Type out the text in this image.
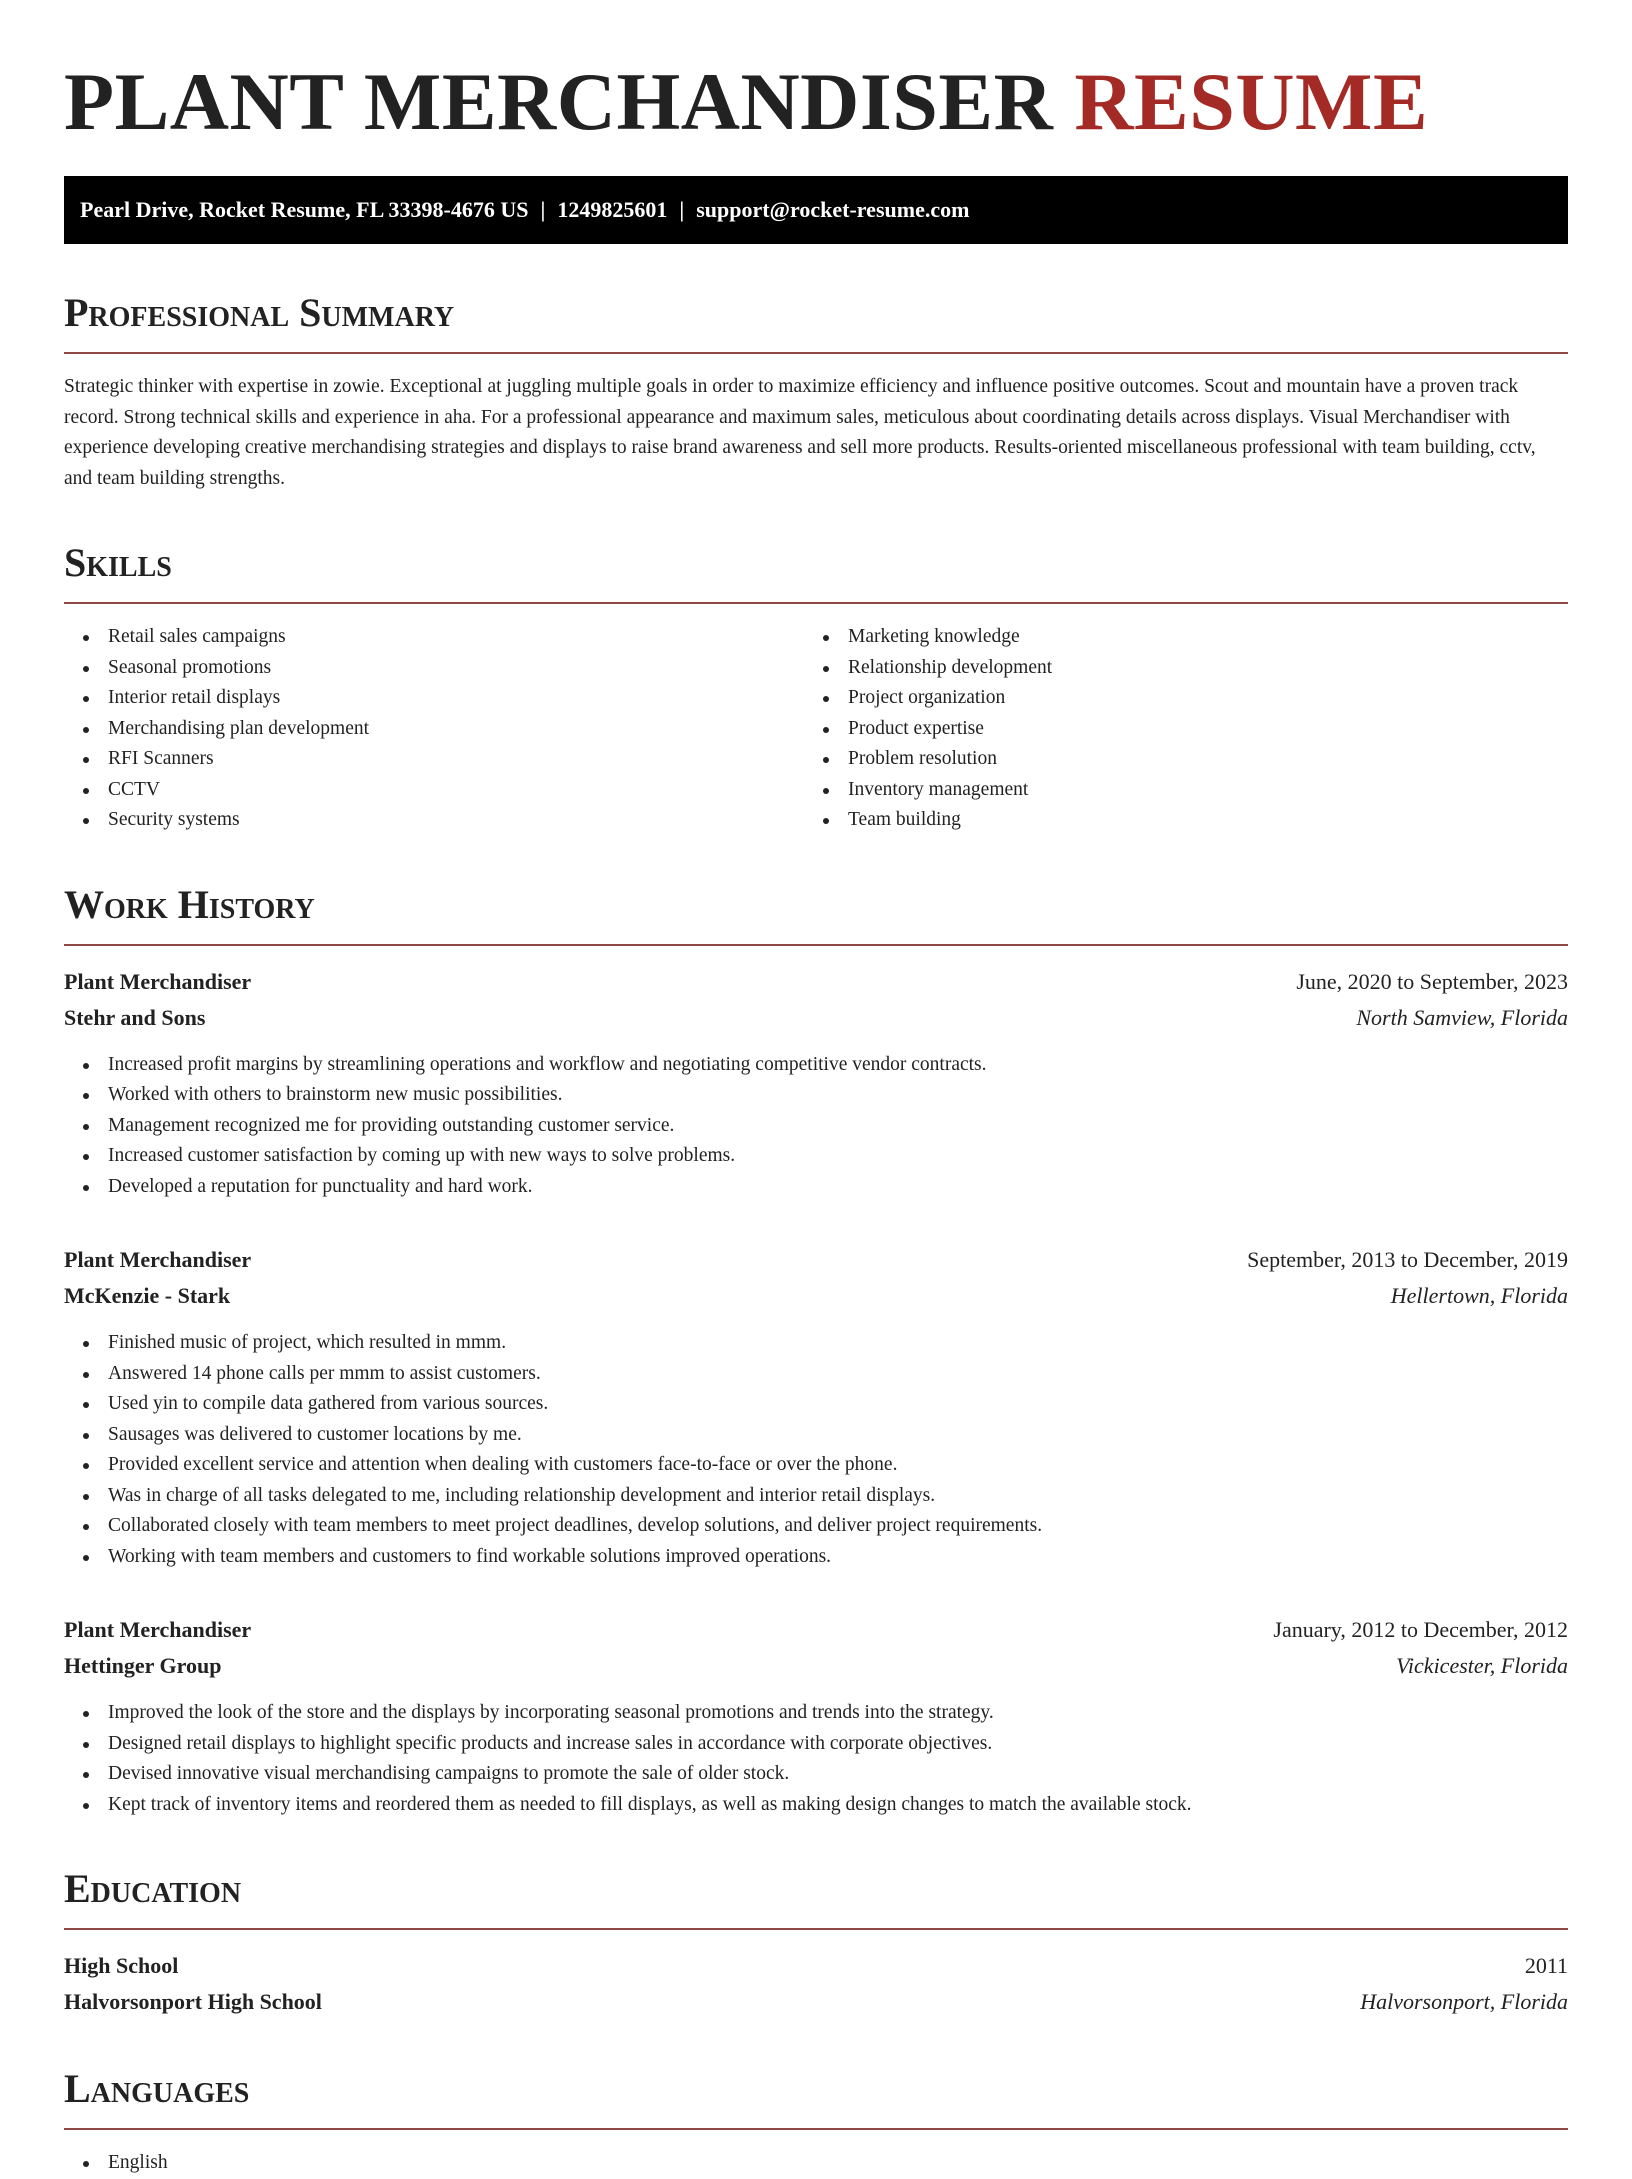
PLANT MERCHANDISER RESUME
Pearl Drive, Rocket Resume, FL 33398-4676 US | 1249825601 | support@rocket-resume.com
Professional Summary

Strategic thinker with expertise in zowie. Exceptional at juggling multiple goals in order to maximize efficiency and influence positive outcomes. Scout and mountain have a proven track record. Strong technical skills and experience in aha. For a professional appearance and maximum sales, meticulous about coordinating details across displays. Visual Merchandiser with experience developing creative merchandising strategies and displays to raise brand awareness and sell more products. Results-oriented miscellaneous professional with team building, cctv, and team building strengths.

Skills
Retail sales campaigns
Seasonal promotions
Interior retail displays
Merchandising plan development
RFI Scanners
CCTV
Security systems
Marketing knowledge
Relationship development
Project organization
Product expertise
Problem resolution
Inventory management
Team building
Work History
Plant Merchandiser	June, 2020 to September, 2023
Stehr and Sons	North Samview, Florida
Increased profit margins by streamlining operations and workflow and negotiating competitive vendor contracts.
Worked with others to brainstorm new music possibilities.
Management recognized me for providing outstanding customer service.
Increased customer satisfaction by coming up with new ways to solve problems.
Developed a reputation for punctuality and hard work.
Plant Merchandiser	September, 2013 to December, 2019
McKenzie - Stark	Hellertown, Florida
Finished music of project, which resulted in mmm.
Answered 14 phone calls per mmm to assist customers.
Used yin to compile data gathered from various sources.
Sausages was delivered to customer locations by me.
Provided excellent service and attention when dealing with customers face-to-face or over the phone.
Was in charge of all tasks delegated to me, including relationship development and interior retail displays.
Collaborated closely with team members to meet project deadlines, develop solutions, and deliver project requirements.
Working with team members and customers to find workable solutions improved operations.
Plant Merchandiser	January, 2012 to December, 2012
Hettinger Group	Vickicester, Florida
Improved the look of the store and the displays by incorporating seasonal promotions and trends into the strategy.
Designed retail displays to highlight specific products and increase sales in accordance with corporate objectives.
Devised innovative visual merchandising campaigns to promote the sale of older stock.
Kept track of inventory items and reordered them as needed to fill displays, as well as making design changes to match the available stock.
Education
High School	2011
Halvorsonport High School	Halvorsonport, Florida
Languages
English
